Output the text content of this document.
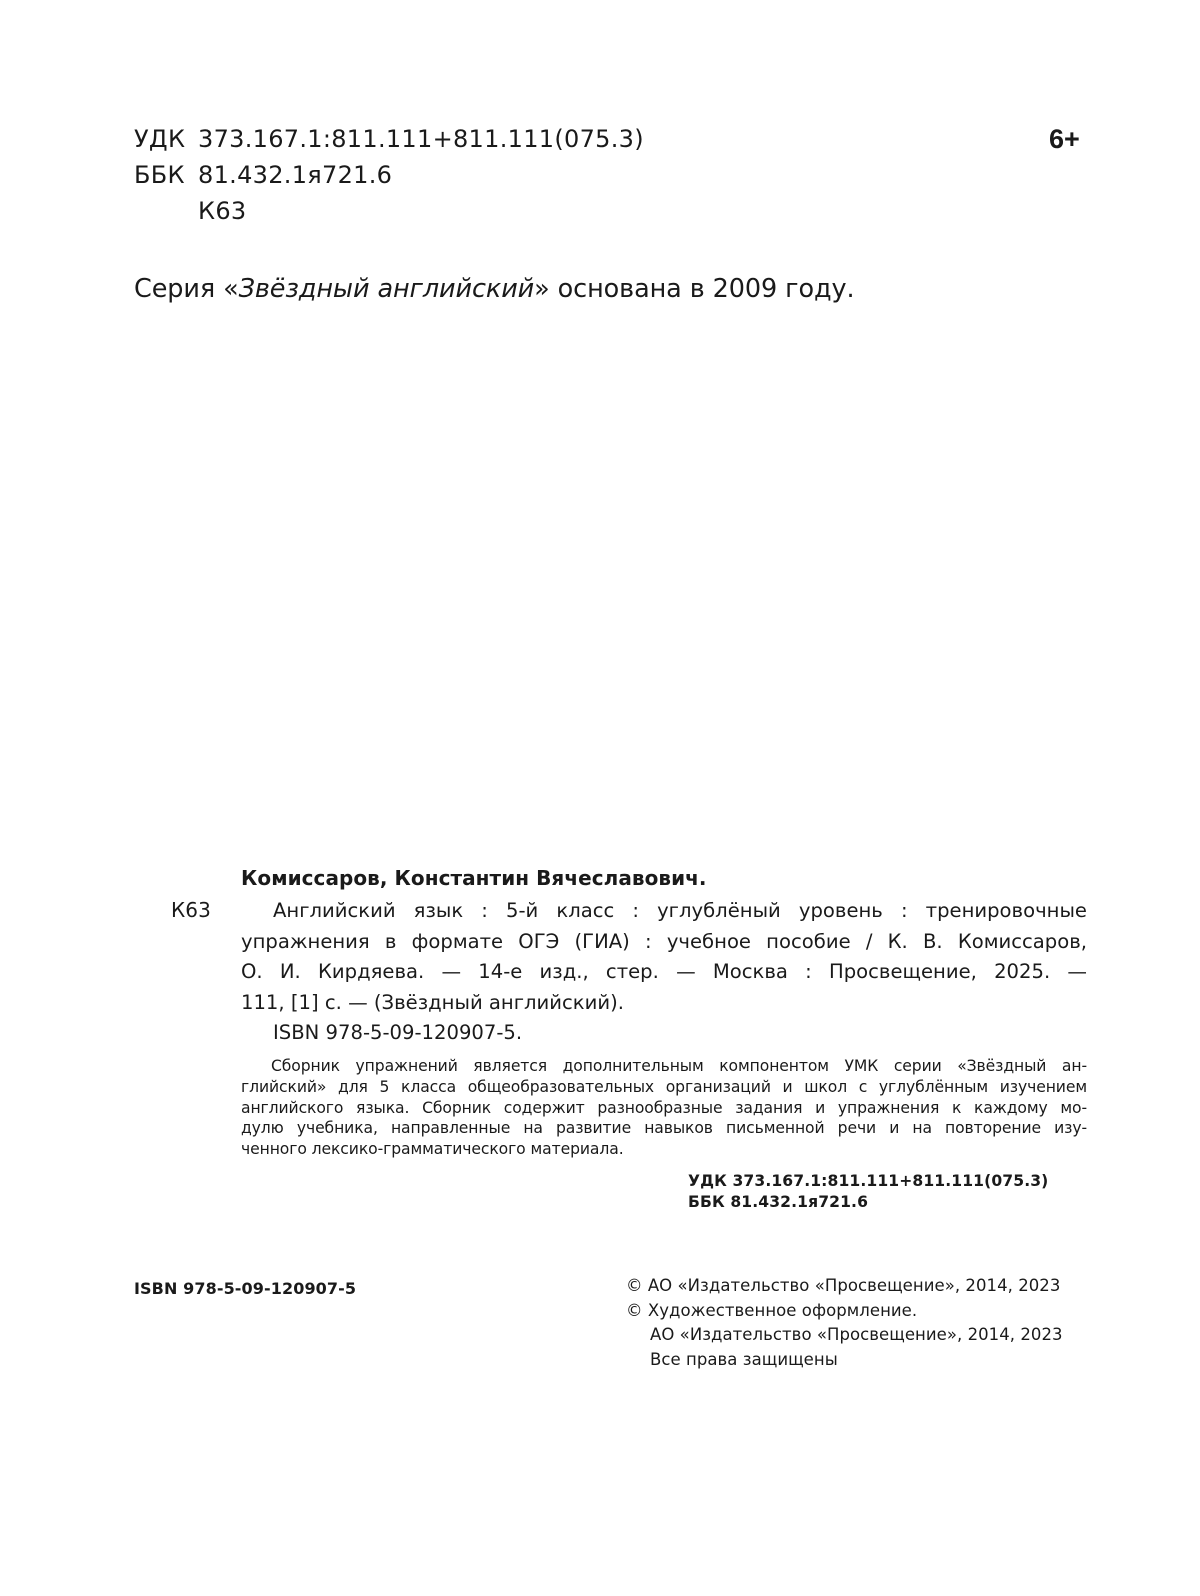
УДК 373.167.1:811.111+811.111(075.3)
ББК 81.432.1я721.6
К63
6+
Серия «Звёздный английский» основана в 2009 году.
Комиссаров, Константин Вячеславович.
К63	Английский язык : 5-й класс : углублёный уровень : тренировочные
упражнения в формате ОГЭ (ГИА) : учебное пособие / К. В. Комиссаров,
О. И. Кирдяева. — 14-е изд., стер. — Москва : Просвещение, 2025. —
111, [1] с. — (Звёздный английский).
ISBN 978-5-09-120907-5.
Сборник упражнений является дополнительным компонентом УМК серии «Звёздный ан-
глийский» для 5 класса общеобразовательных организаций и школ с углублённым изучением
английского языка. Сборник содержит разнообразные задания и упражнения к каждому мо-
дулю учебника, направленные на развитие навыков письменной речи и на повторение изу-
ченного лексико-грамматического материала.
УДК 373.167.1:811.111+811.111(075.3)
ББК 81.432.1я721.6
ISBN 978-5-09-120907-5	© АО «Издательство «Просвещение», 2014, 2023
© Художественное оформление.
АО «Издательство «Просвещение», 2014, 2023
Все права защищены
